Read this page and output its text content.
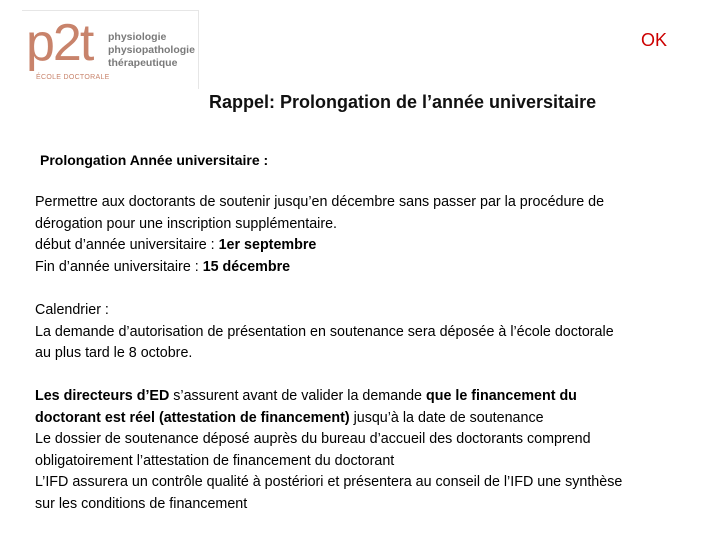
p2t physiologie
physiopathologie
thérapeutique
ÉCOLE DOCTORALE
OK
Rappel: Prolongation de l’année universitaire
Prolongation Année universitaire :

Permettre aux doctorants de soutenir jusqu’en décembre sans passer par la procédure de

dérogation pour une inscription supplémentaire.

début d’année universitaire : 1er septembre

Fin d’année universitaire : 15 décembre

Calendrier :

La demande d’autorisation de présentation en soutenance sera déposée à l’école doctorale

au plus tard le 8 octobre.

Les directeurs d’ED s’assurent avant de valider la demande que le financement du

doctorant est réel (attestation de financement) jusqu’à la date de soutenance

Le dossier de soutenance déposé auprès du bureau d’accueil des doctorants comprend

obligatoirement l’attestation de financement du doctorant

L’IFD assurera un contrôle qualité à postériori et présentera au conseil de l’IFD une synthèse

sur les conditions de financement
